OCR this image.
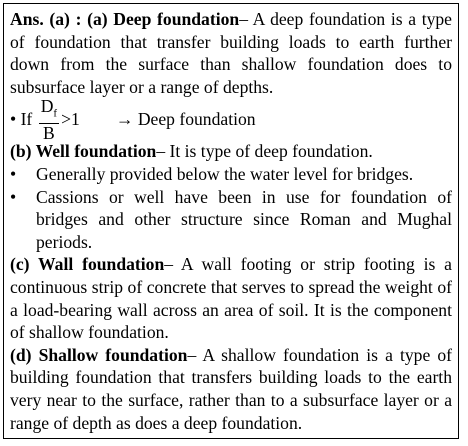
Ans. (a) : (a) Deep foundation– A deep foundation is a type of foundation that transfer building loads to earth further down from the surface than shallow foundation does to subsurface layer or a range of depths.

•
If
$\frac{D_f}{B} >1$ →
Deep foundation

(b) Well foundation– It is type of deep foundation.

•	Generally provided below the water level for bridges.
•	Cassions or well have been in use for foundation of bridges and other structure since Roman and Mughal periods.

(c) Wall foundation– A wall footing or strip footing is a continuous strip of concrete that serves to spread the weight of a load-bearing wall across an area of soil. It is the component of shallow foundation.

(d) Shallow foundation– A shallow foundation is a type of building foundation that transfers building loads to the earth very near to the surface, rather than to a subsurface layer or a range of depth as does a deep foundation.
